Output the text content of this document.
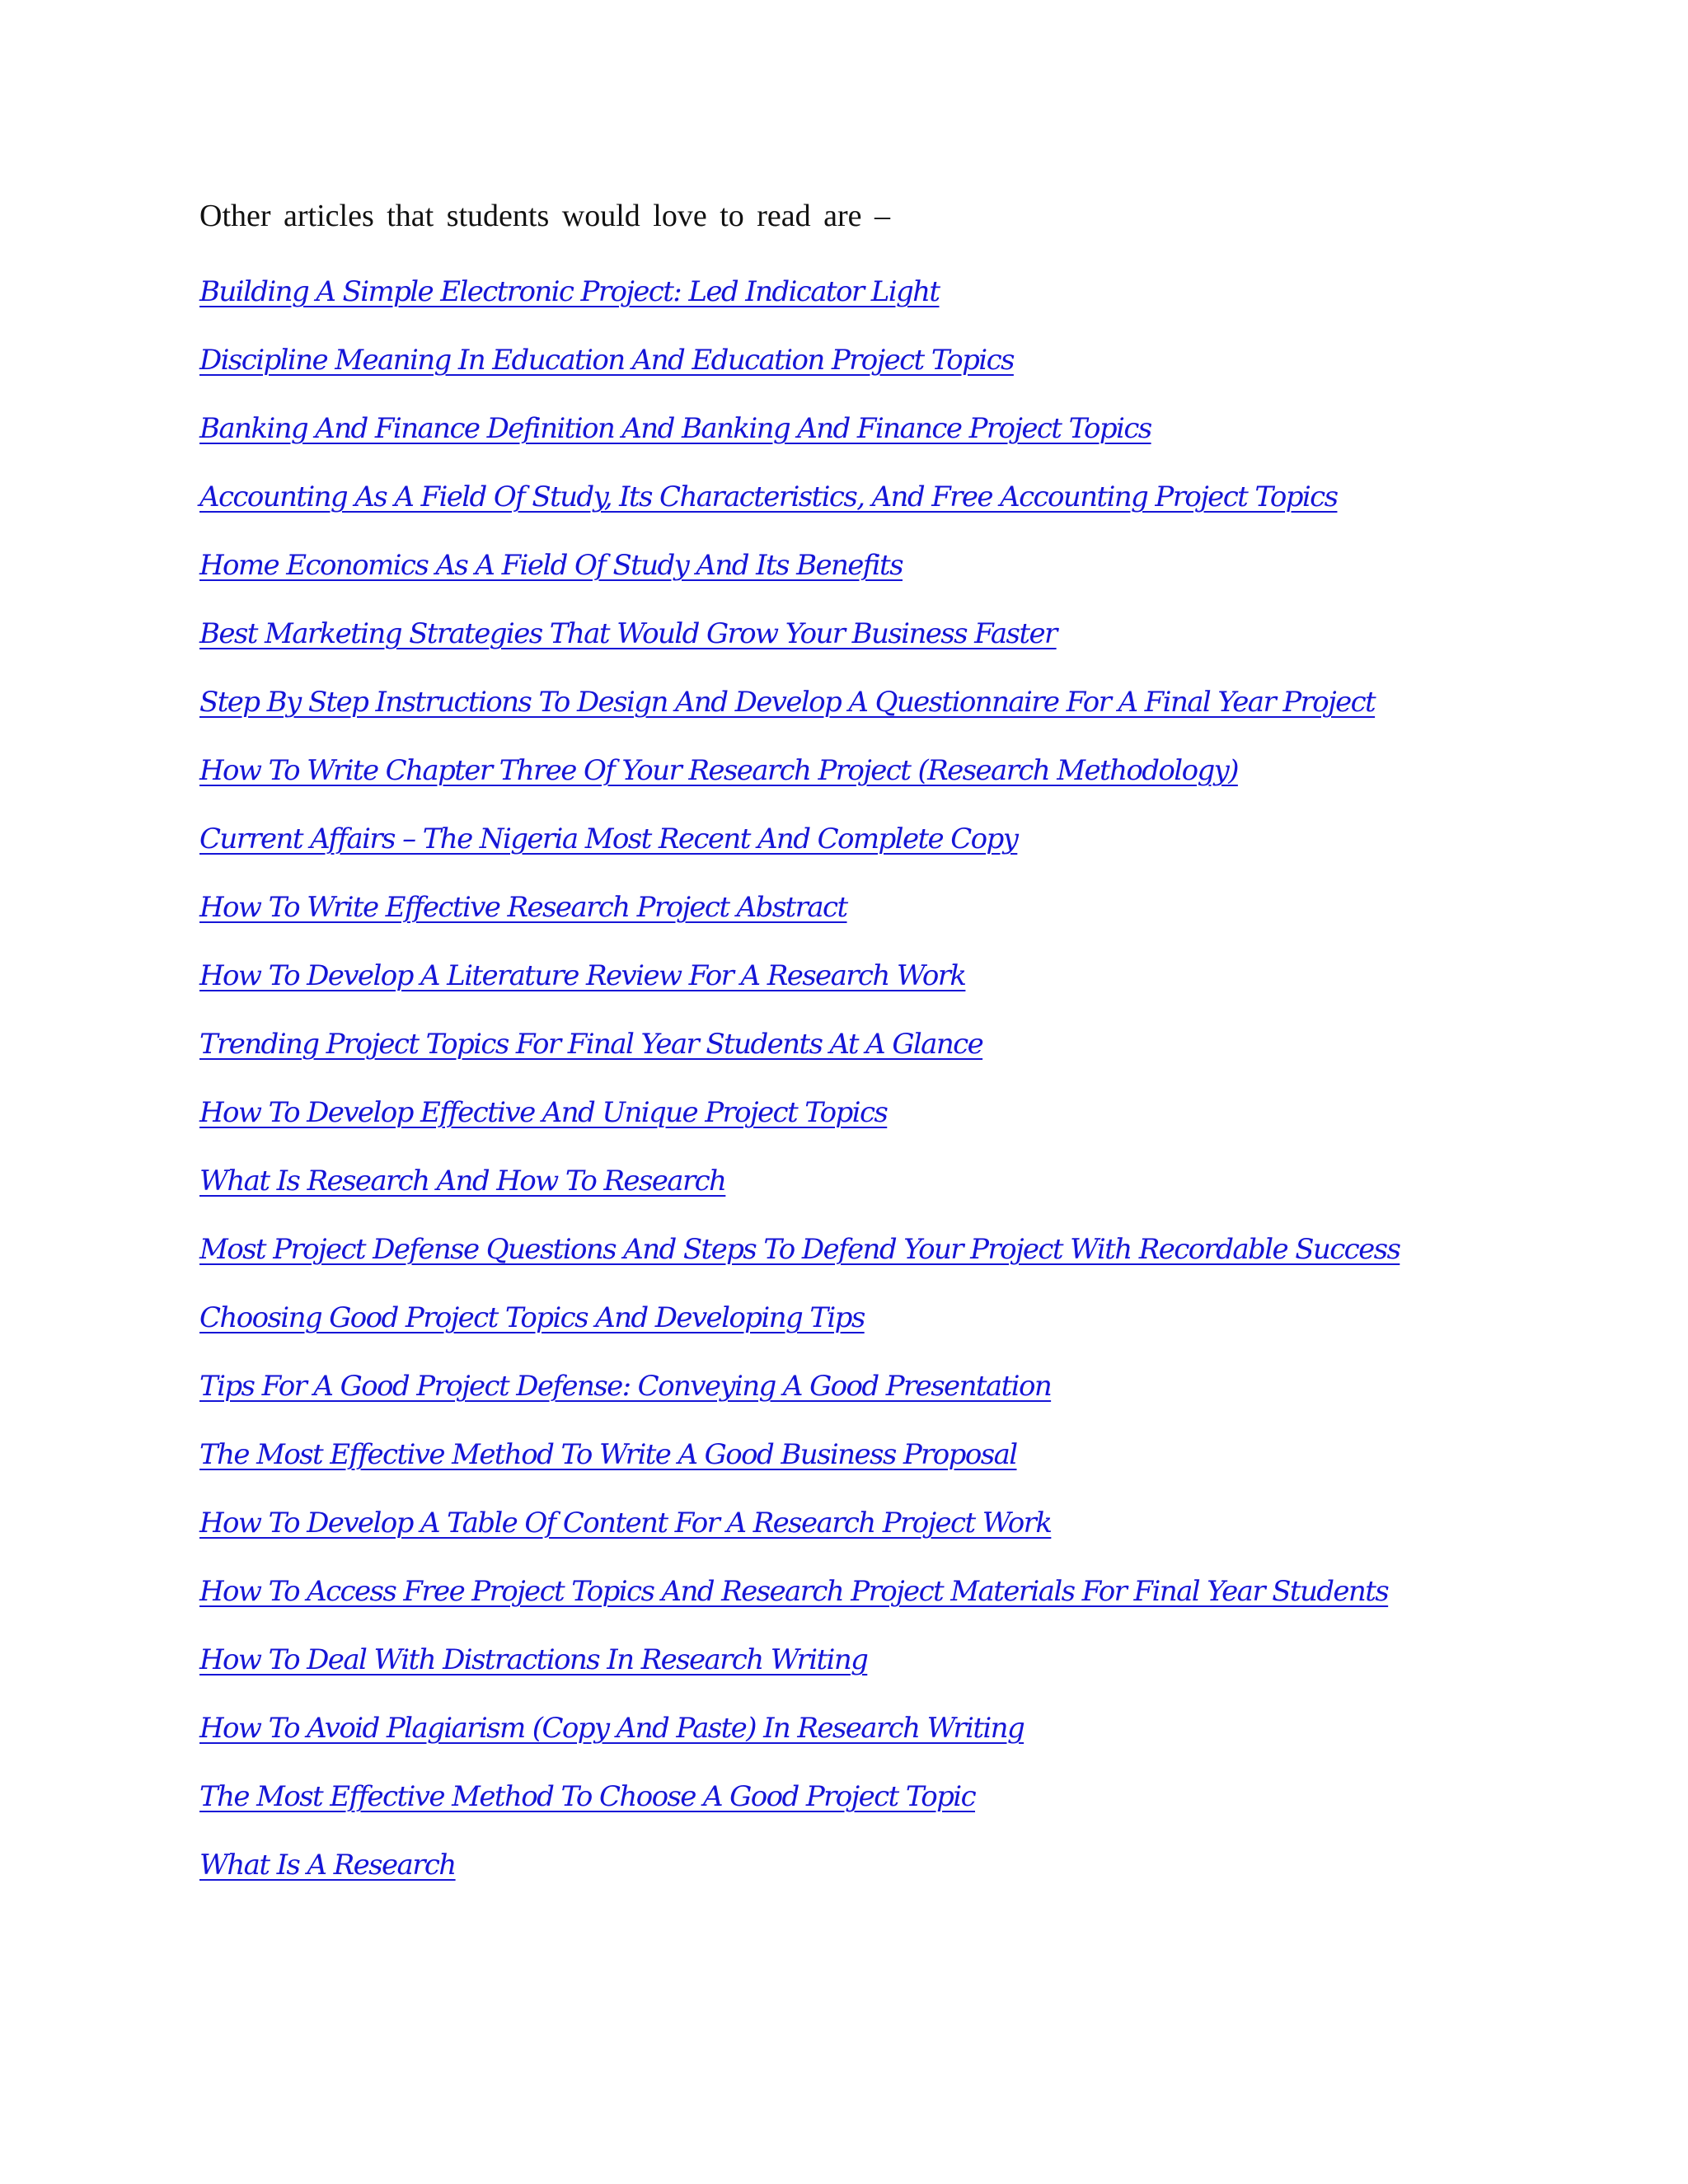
Other articles that students would love to read are –

Building A Simple Electronic Project: Led Indicator Light
Discipline Meaning In Education And Education Project Topics
Banking And Finance Definition And Banking And Finance Project Topics
Accounting As A Field Of Study, Its Characteristics, And Free Accounting Project Topics
Home Economics As A Field Of Study And Its Benefits
Best Marketing Strategies That Would Grow Your Business Faster
Step By Step Instructions To Design And Develop A Questionnaire For A Final Year Project
How To Write Chapter Three Of Your Research Project (Research Methodology)
Current Affairs – The Nigeria Most Recent And Complete Copy
How To Write Effective Research Project Abstract
How To Develop A Literature Review For A Research Work
Trending Project Topics For Final Year Students At A Glance
How To Develop Effective And Unique Project Topics
What Is Research And How To Research
Most Project Defense Questions And Steps To Defend Your Project With Recordable Success
Choosing Good Project Topics And Developing Tips
Tips For A Good Project Defense: Conveying A Good Presentation
The Most Effective Method To Write A Good Business Proposal
How To Develop A Table Of Content For A Research Project Work
How To Access Free Project Topics And Research Project Materials For Final Year Students
How To Deal With Distractions In Research Writing
How To Avoid Plagiarism (Copy And Paste) In Research Writing
The Most Effective Method To Choose A Good Project Topic
What Is A Research
